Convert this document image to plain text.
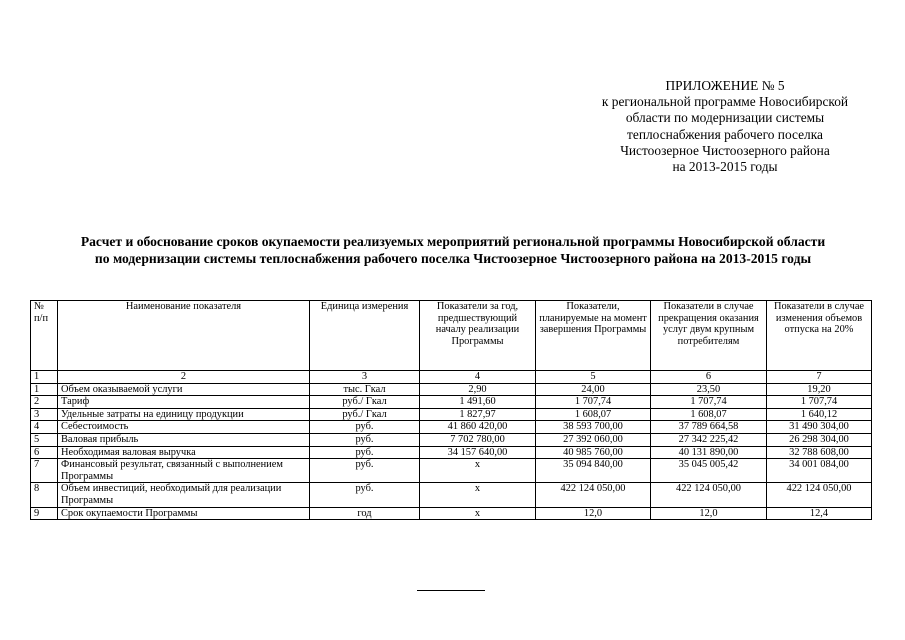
ПРИЛОЖЕНИЕ № 5
к региональной программе Новосибирской
области по модернизации системы
теплоснабжения рабочего поселка
Чистоозерное Чистоозерного района
на 2013-2015 годы
Расчет и обоснование сроков окупаемости реализуемых мероприятий региональной программы Новосибирской области
по модернизации системы теплоснабжения рабочего поселка Чистоозерное Чистоозерного района на 2013-2015 годы
№ п/п	Наименование показателя	Единица измерения	Показатели за год, предшествующий началу реализации Программы	Показатели, планируемые на момент завершения Программы	Показатели в случае прекращения оказания услуг двум крупным потребителям	Показатели в случае изменения объемов отпуска на 20%
1	2	3	4	5	6	7
1	Объем оказываемой услуги	тыс. Гкал	2,90	24,00	23,50	19,20
2	Тариф	руб./ Гкал	1 491,60	1 707,74	1 707,74	1 707,74
3	Удельные затраты на единицу продукции	руб./ Гкал	1 827,97	1 608,07	1 608,07	1 640,12
4	Себестоимость	руб.	41 860 420,00	38 593 700,00	37 789 664,58	31 490 304,00
5	Валовая прибыль	руб.	7 702 780,00	27 392 060,00	27 342 225,42	26 298 304,00
6	Необходимая валовая выручка	руб.	34 157 640,00	40 985 760,00	40 131 890,00	32 788 608,00
7	Финансовый результат, связанный с выполнением Программы	руб.	х	35 094 840,00	35 045 005,42	34 001 084,00
8	Объем инвестиций, необходимый для реализации Программы	руб.	х	422 124 050,00	422 124 050,00	422 124 050,00
9	Срок окупаемости Программы	год	х	12,0	12,0	12,4
